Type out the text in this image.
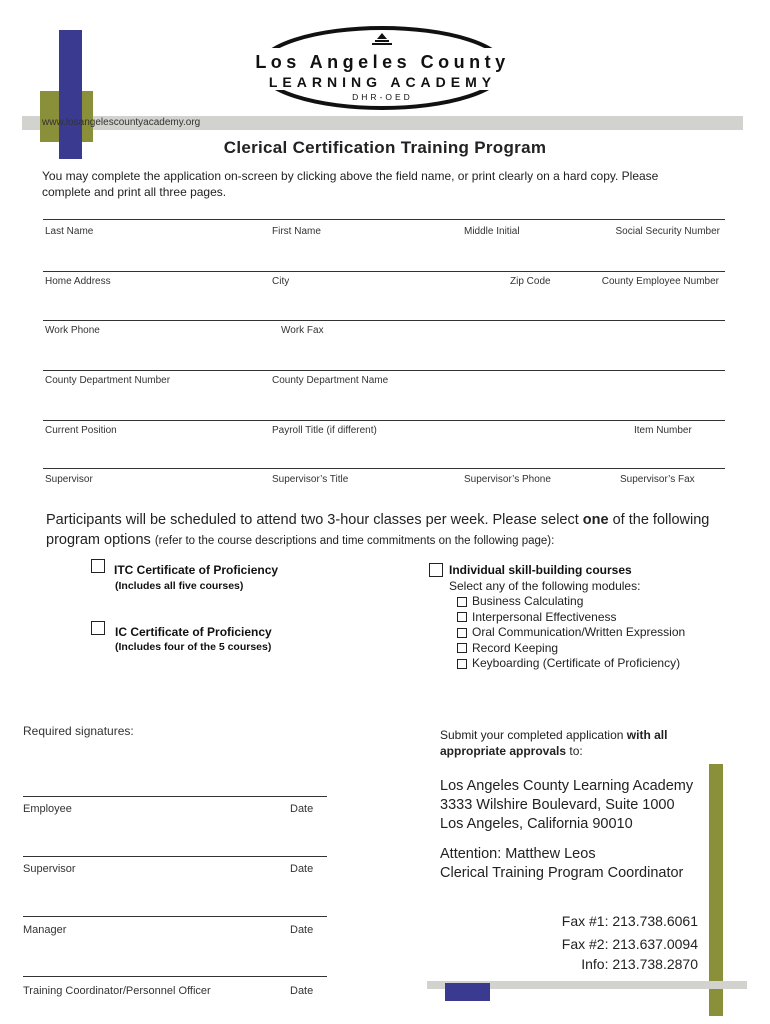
www.losangelescountyacademy.org
Los Angeles County
LEARNING ACADEMY
DHR-OED
Clerical Certification Training Program
You may complete the application on-screen by clicking above the field name, or print clearly on a hard copy. Please complete and print all three pages.
Last Name	First Name	Middle Initial	Social Security Number
Home Address	City	Zip Code	County Employee Number
Work Phone	Work Fax
County Department Number	County Department Name
Current Position	Payroll Title (if different)	Item Number
Supervisor	Supervisor’s Title	Supervisor’s Phone	Supervisor’s Fax
Participants will be scheduled to attend two 3-hour classes per week. Please select one of the following program options (refer to the course descriptions and time commitments on the following page):
ITC Certificate of Proficiency
(Includes all five courses)
IC Certificate of Proficiency
(Includes four of the 5 courses)
Individual skill-building courses
Select any of the following modules:
Business Calculating
Interpersonal Effectiveness
Oral Communication/Written Expression
Record Keeping
Keyboarding (Certificate of Proficiency)
Required signatures:
Employee	Date
Supervisor	Date
Manager	Date
Training Coordinator/Personnel Officer	Date
Submit your completed application with all
appropriate approvals to:
Los Angeles County Learning Academy
3333 Wilshire Boulevard, Suite 1000
Los Angeles, California 90010
Attention: Matthew Leos
Clerical Training Program Coordinator
Fax #1: 213.738.6061
Fax #2: 213.637.0094
Info: 213.738.2870
